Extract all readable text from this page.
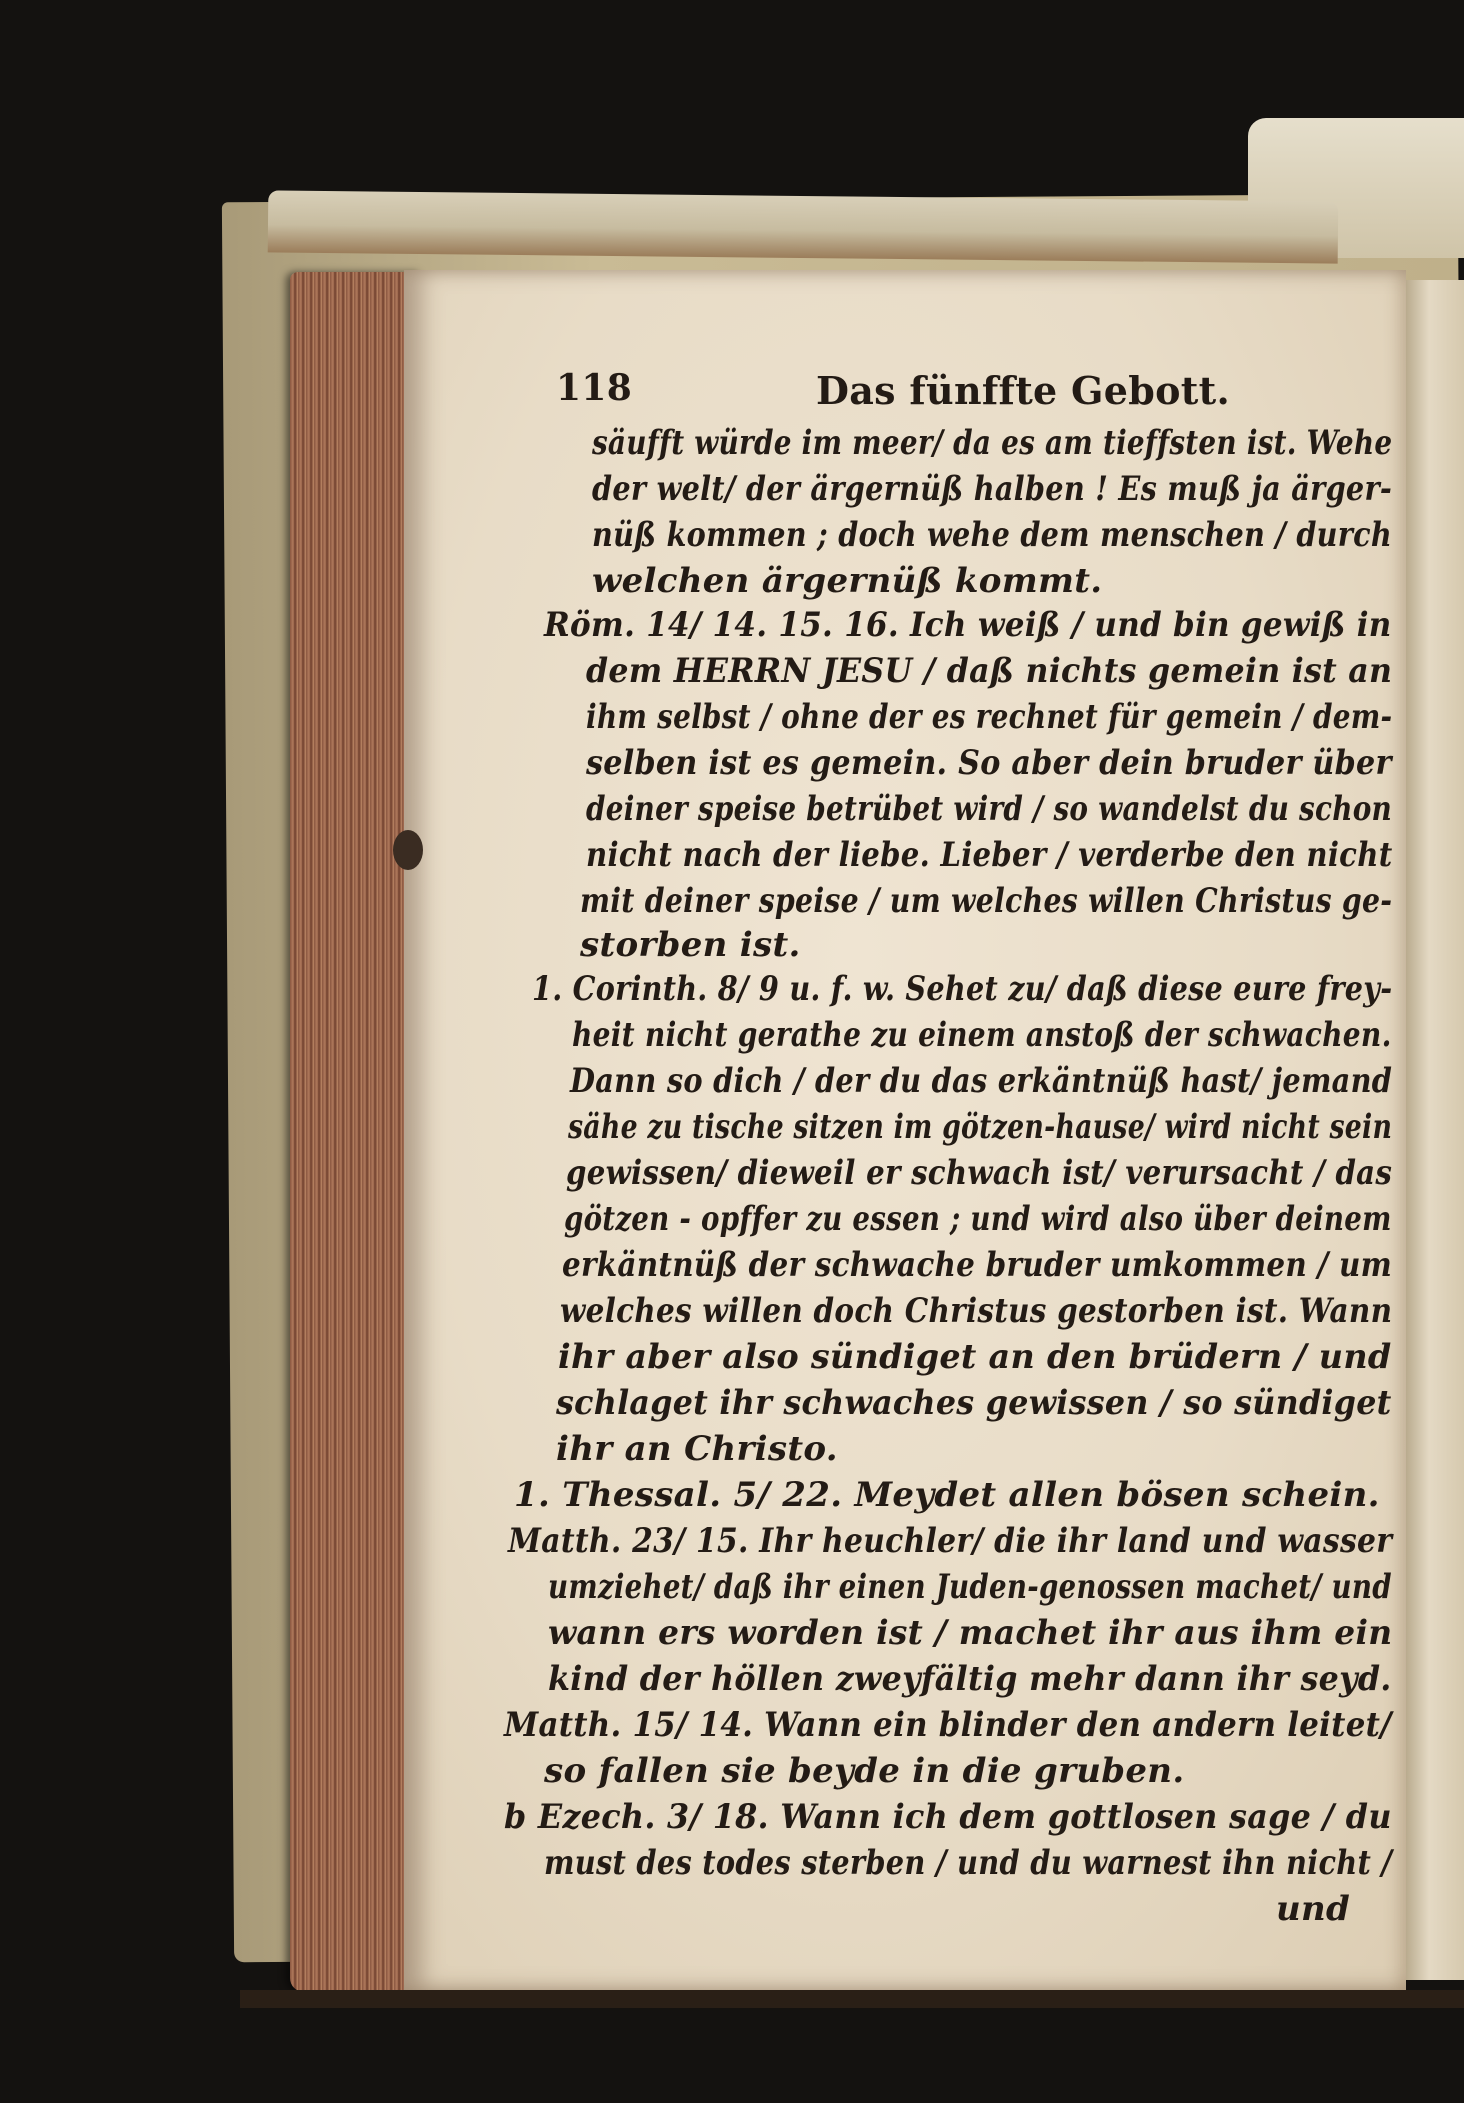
118	Das fünffte Gebott.
säufft würde im meer/ da es am tieffsten ist. Wehe
der welt/ der ärgernüß halben ! Es muß ja ärger-
nüß kommen ; doch wehe dem menschen / durch
welchen ärgernüß kommt.
Röm. 14/ 14. 15. 16. Ich weiß / und bin gewiß in
dem HERRN JESU / daß nichts gemein ist an
ihm selbst / ohne der es rechnet für gemein / dem-
selben ist es gemein. So aber dein bruder über
deiner speise betrübet wird / so wandelst du schon
nicht nach der liebe. Lieber / verderbe den nicht
mit deiner speise / um welches willen Christus ge-
storben ist.
1. Corinth. 8/ 9 u. f. w. Sehet zu/ daß diese eure frey-
heit nicht gerathe zu einem anstoß der schwachen.
Dann so dich / der du das erkäntnüß hast/ jemand
sähe zu tische sitzen im götzen-hause/ wird nicht sein
gewissen/ dieweil er schwach ist/ verursacht / das
götzen - opffer zu essen ; und wird also über deinem
erkäntnüß der schwache bruder umkommen / um
welches willen doch Christus gestorben ist. Wann
ihr aber also sündiget an den brüdern / und
schlaget ihr schwaches gewissen / so sündiget
ihr an Christo.
1. Thessal. 5/ 22. Meydet allen bösen schein.
Matth. 23/ 15. Ihr heuchler/ die ihr land und wasser
umziehet/ daß ihr einen Juden-genossen machet/ und
wann ers worden ist / machet ihr aus ihm ein
kind der höllen zweyfältig mehr dann ihr seyd.
Matth. 15/ 14. Wann ein blinder den andern leitet/
so fallen sie beyde in die gruben.
b Ezech. 3/ 18. Wann ich dem gottlosen sage / du
must des todes sterben / und du warnest ihn nicht /
und
